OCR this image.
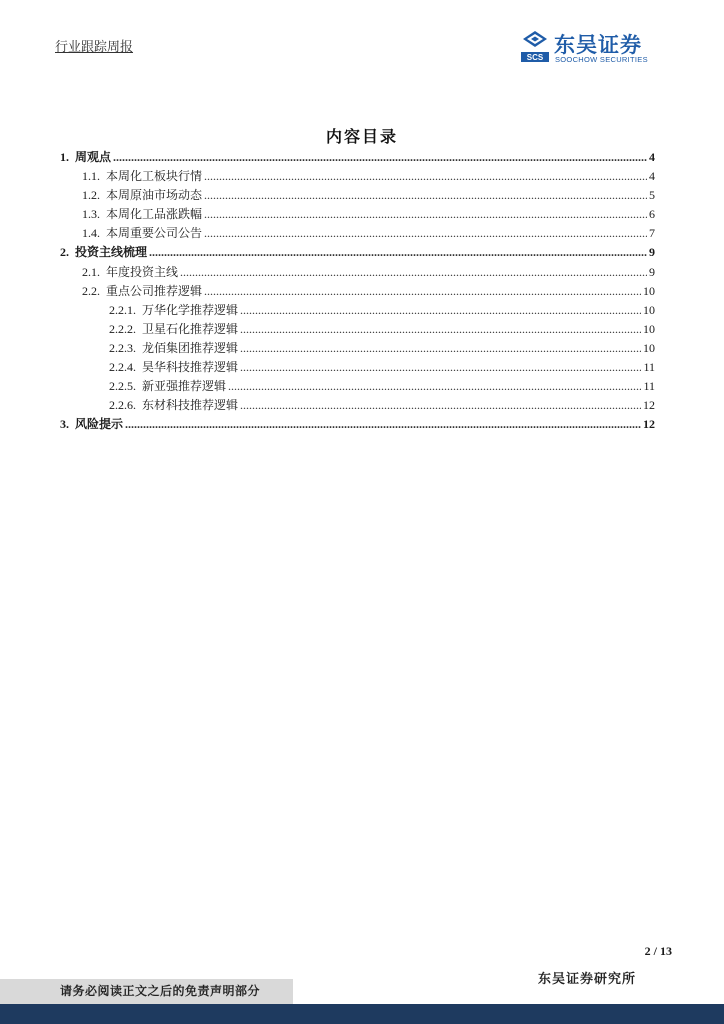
行业跟踪周报
SCS
东吴证券
SOOCHOW SECURITIES
内容目录
1. 周观点 .....	4
1.1. 本周化工板块行情 .....	4
1.2. 本周原油市场动态 .....	5
1.3. 本周化工品涨跌幅 .....	6
1.4. 本周重要公司公告 .....	7
2. 投资主线梳理 .....	9
2.1. 年度投资主线 .....	9
2.2. 重点公司推荐逻辑 .....	10
2.2.1. 万华化学推荐逻辑 .....	10
2.2.2. 卫星石化推荐逻辑 .....	10
2.2.3. 龙佰集团推荐逻辑 .....	10
2.2.4. 昊华科技推荐逻辑 .....	11
2.2.5. 新亚强推荐逻辑 .....	11
2.2.6. 东材科技推荐逻辑 .....	12
3. 风险提示 .....	12
2 / 13
东吴证券研究所
请务必阅读正文之后的免责声明部分
